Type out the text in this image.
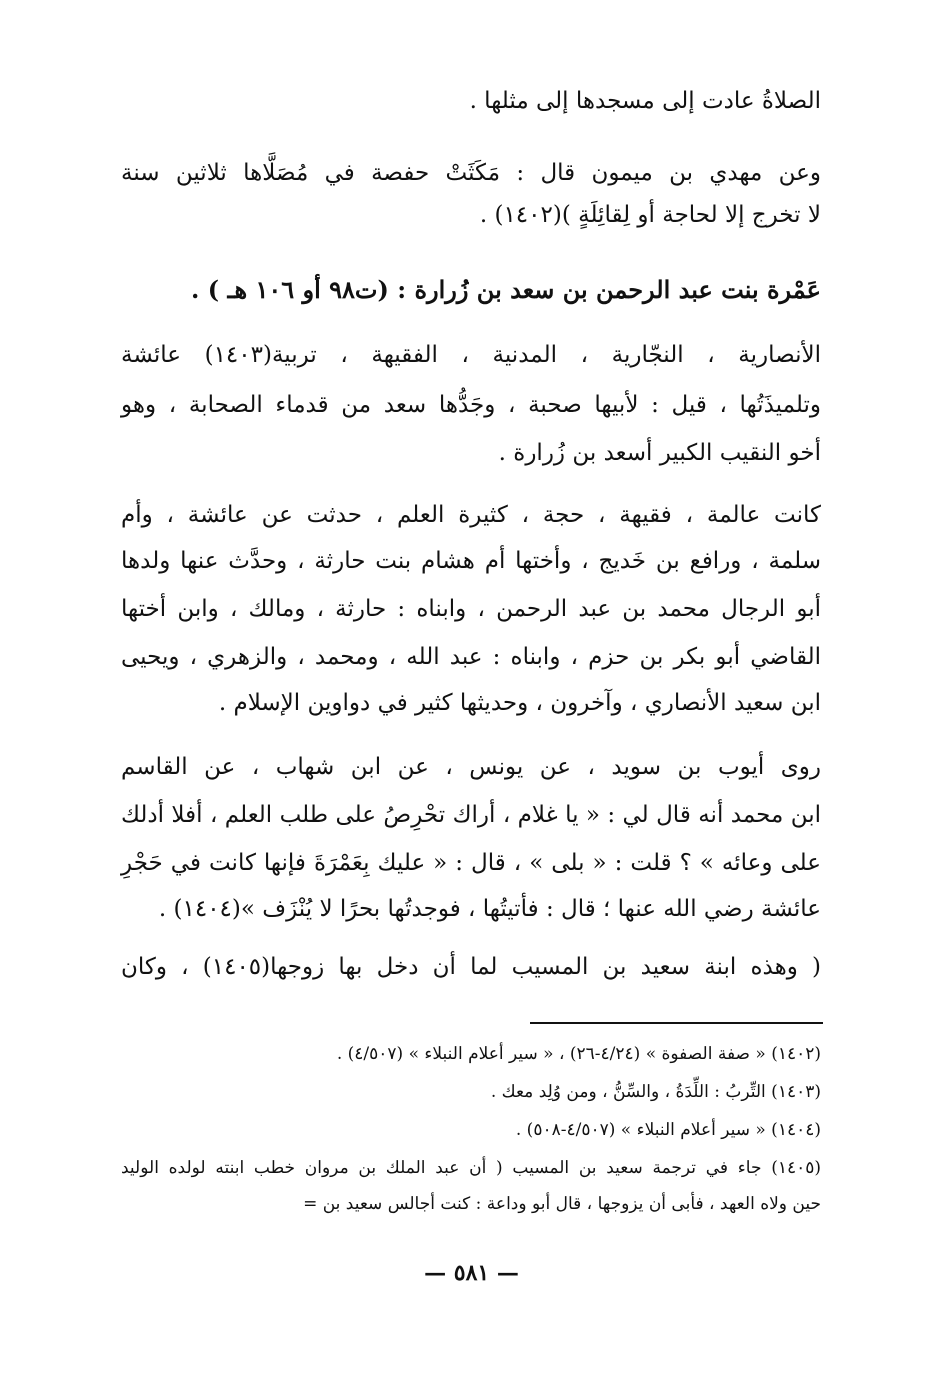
الصلاةُ عادت إلى مسجدها إلى مثلها .
وعن مهدي بن ميمون قال : مَكَثَتْ حفصة في مُصَلَّاها ثلاثين سنة
لا تخرج إلا لحاجة أو لِقائِلَةٍ )(١٤٠٢) .
عَمْرة بنت عبد الرحمن بن سعد بن زُرارة : (ت٩٨ أو ١٠٦ هـ ) .
الأنصارية ، النجّارية ، المدنية ، الفقيهة ، تربية(١٤٠٣) عائشة
وتلميذَتُها ، قيل : لأبيها صحبة ، وجَدُّها سعد من قدماء الصحابة ، وهو
أخو النقيب الكبير أسعد بن زُرارة .
كانت عالمة ، فقيهة ، حجة ، كثيرة العلم ، حدثت عن عائشة ، وأم
سلمة ، ورافع بن خَديج ، وأختها أم هشام بنت حارثة ، وحدَّث عنها ولدها
أبو الرجال محمد بن عبد الرحمن ، وابناه : حارثة ، ومالك ، وابن أختها
القاضي أبو بكر بن حزم ، وابناه : عبد الله ، ومحمد ، والزهري ، ويحيى
ابن سعيد الأنصاري ، وآخرون ، وحديثها كثير في دواوين الإسلام .
روى أيوب بن سويد ، عن يونس ، عن ابن شهاب ، عن القاسم
ابن محمد أنه قال لي : « يا غلام ، أراك تحْرِصُ على طلب العلم ، أفلا أدلك
على وعائه » ؟ قلت : « بلى » ، قال : « عليك بِعَمْرَةَ فإنها كانت في حَجْرِ
عائشة رضي الله عنها ؛ قال : فأتيتُها ، فوجدتُها بحرًا لا يُنْزَف »(١٤٠٤) .
( وهذه ابنة سعيد بن المسيب لما أن دخل بها زوجها(١٤٠٥) ، وكان
(١٤٠٢) « صفة الصفوة » (٤/٢٤-٢٦) ، « سير أعلام النبلاء » (٤/٥٠٧) .
(١٤٠٣) التِّربُ : اللِّدَةُ ، والسِّنُّ ، ومن وُلِد معك .
(١٤٠٤) « سير أعلام النبلاء » (٤/٥٠٧-٥٠٨) .
(١٤٠٥) جاء في ترجمة سعيد بن المسيب ( أن عبد الملك بن مروان خطب ابنته لولده الوليد
حين ولاه العهد ، فأبى أن يزوجها ، قال أبو وداعة : كنت أجالس سعيد بن =
— ٥٨١ —
